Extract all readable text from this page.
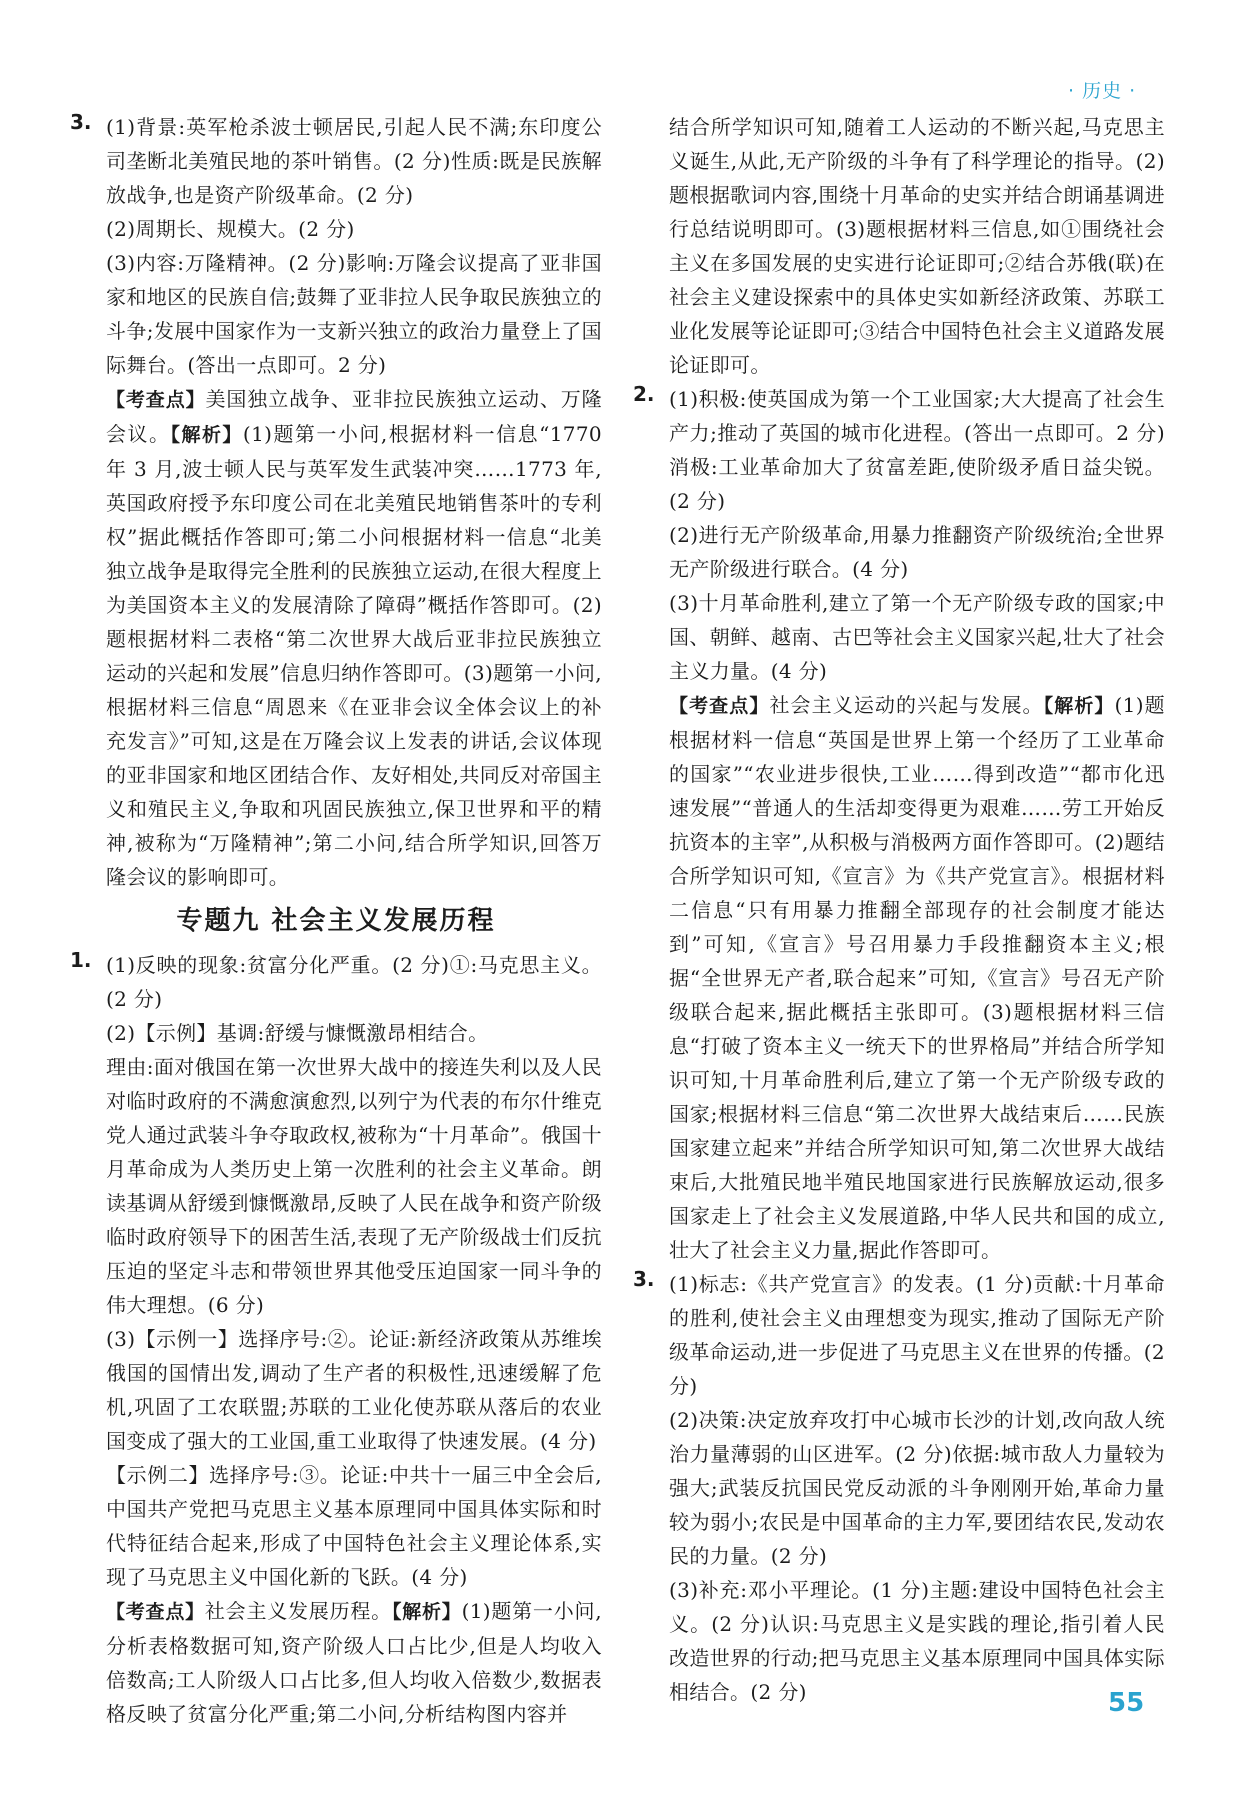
· 历史 ·
3. (1)背景:英军枪杀波士顿居民,引起人民不满;东印度公司垄断北美殖民地的茶叶销售。(2 分)性质:既是民族解放战争,也是资产阶级革命。(2 分)

(2)周期长、规模大。(2 分)

(3)内容:万隆精神。(2 分)影响:万隆会议提高了亚非国家和地区的民族自信;鼓舞了亚非拉人民争取民族独立的斗争;发展中国家作为一支新兴独立的政治力量登上了国际舞台。(答出一点即可。2 分)

【考查点】美国独立战争、亚非拉民族独立运动、万隆会议。【解析】(1)题第一小问,根据材料一信息“1770 年 3 月,波士顿人民与英军发生武装冲突……1773 年,英国政府授予东印度公司在北美殖民地销售茶叶的专利权”据此概括作答即可;第二小问根据材料一信息“北美独立战争是取得完全胜利的民族独立运动,在很大程度上为美国资本主义的发展清除了障碍”概括作答即可。(2)题根据材料二表格“第二次世界大战后亚非拉民族独立运动的兴起和发展”信息归纳作答即可。(3)题第一小问,根据材料三信息“周恩来《在亚非会议全体会议上的补充发言》”可知,这是在万隆会议上发表的讲话,会议体现的亚非国家和地区团结合作、友好相处,共同反对帝国主义和殖民主义,争取和巩固民族独立,保卫世界和平的精神,被称为“万隆精神”;第二小问,结合所学知识,回答万隆会议的影响即可。

专题九 社会主义发展历程
1. (1)反映的现象:贫富分化严重。(2 分)①:马克思主义。(2 分)

(2)【示例】基调:舒缓与慷慨激昂相结合。

理由:面对俄国在第一次世界大战中的接连失利以及人民对临时政府的不满愈演愈烈,以列宁为代表的布尔什维克党人通过武装斗争夺取政权,被称为“十月革命”。俄国十月革命成为人类历史上第一次胜利的社会主义革命。朗读基调从舒缓到慷慨激昂,反映了人民在战争和资产阶级临时政府领导下的困苦生活,表现了无产阶级战士们反抗压迫的坚定斗志和带领世界其他受压迫国家一同斗争的伟大理想。(6 分)

(3)【示例一】选择序号:②。论证:新经济政策从苏维埃俄国的国情出发,调动了生产者的积极性,迅速缓解了危机,巩固了工农联盟;苏联的工业化使苏联从落后的农业国变成了强大的工业国,重工业取得了快速发展。(4 分)

【示例二】选择序号:③。论证:中共十一届三中全会后,中国共产党把马克思主义基本原理同中国具体实际和时代特征结合起来,形成了中国特色社会主义理论体系,实现了马克思主义中国化新的飞跃。(4 分)

【考查点】社会主义发展历程。【解析】(1)题第一小问,分析表格数据可知,资产阶级人口占比少,但是人均收入倍数高;工人阶级人口占比多,但人均收入倍数少,数据表格反映了贫富分化严重;第二小问,分析结构图内容并

结合所学知识可知,随着工人运动的不断兴起,马克思主义诞生,从此,无产阶级的斗争有了科学理论的指导。(2)题根据歌词内容,围绕十月革命的史实并结合朗诵基调进行总结说明即可。(3)题根据材料三信息,如①围绕社会主义在多国发展的史实进行论证即可;②结合苏俄(联)在社会主义建设探索中的具体史实如新经济政策、苏联工业化发展等论证即可;③结合中国特色社会主义道路发展论证即可。

2. (1)积极:使英国成为第一个工业国家;大大提高了社会生产力;推动了英国的城市化进程。(答出一点即可。2 分)消极:工业革命加大了贫富差距,使阶级矛盾日益尖锐。(2 分)

(2)进行无产阶级革命,用暴力推翻资产阶级统治;全世界无产阶级进行联合。(4 分)

(3)十月革命胜利,建立了第一个无产阶级专政的国家;中国、朝鲜、越南、古巴等社会主义国家兴起,壮大了社会主义力量。(4 分)

【考查点】社会主义运动的兴起与发展。【解析】(1)题根据材料一信息“英国是世界上第一个经历了工业革命的国家”“农业进步很快,工业……得到改造”“都市化迅速发展”“普通人的生活却变得更为艰难……劳工开始反抗资本的主宰”,从积极与消极两方面作答即可。(2)题结合所学知识可知,《宣言》为《共产党宣言》。根据材料二信息“只有用暴力推翻全部现存的社会制度才能达到”可知,《宣言》号召用暴力手段推翻资本主义;根据“全世界无产者,联合起来”可知,《宣言》号召无产阶级联合起来,据此概括主张即可。(3)题根据材料三信息“打破了资本主义一统天下的世界格局”并结合所学知识可知,十月革命胜利后,建立了第一个无产阶级专政的国家;根据材料三信息“第二次世界大战结束后……民族国家建立起来”并结合所学知识可知,第二次世界大战结束后,大批殖民地半殖民地国家进行民族解放运动,很多国家走上了社会主义发展道路,中华人民共和国的成立,壮大了社会主义力量,据此作答即可。

3. (1)标志:《共产党宣言》的发表。(1 分)贡献:十月革命的胜利,使社会主义由理想变为现实,推动了国际无产阶级革命运动,进一步促进了马克思主义在世界的传播。(2 分)

(2)决策:决定放弃攻打中心城市长沙的计划,改向敌人统治力量薄弱的山区进军。(2 分)依据:城市敌人力量较为强大;武装反抗国民党反动派的斗争刚刚开始,革命力量较为弱小;农民是中国革命的主力军,要团结农民,发动农民的力量。(2 分)

(3)补充:邓小平理论。(1 分)主题:建设中国特色社会主义。(2 分)认识:马克思主义是实践的理论,指引着人民改造世界的行动;把马克思主义基本原理同中国具体实际相结合。(2 分)	55
